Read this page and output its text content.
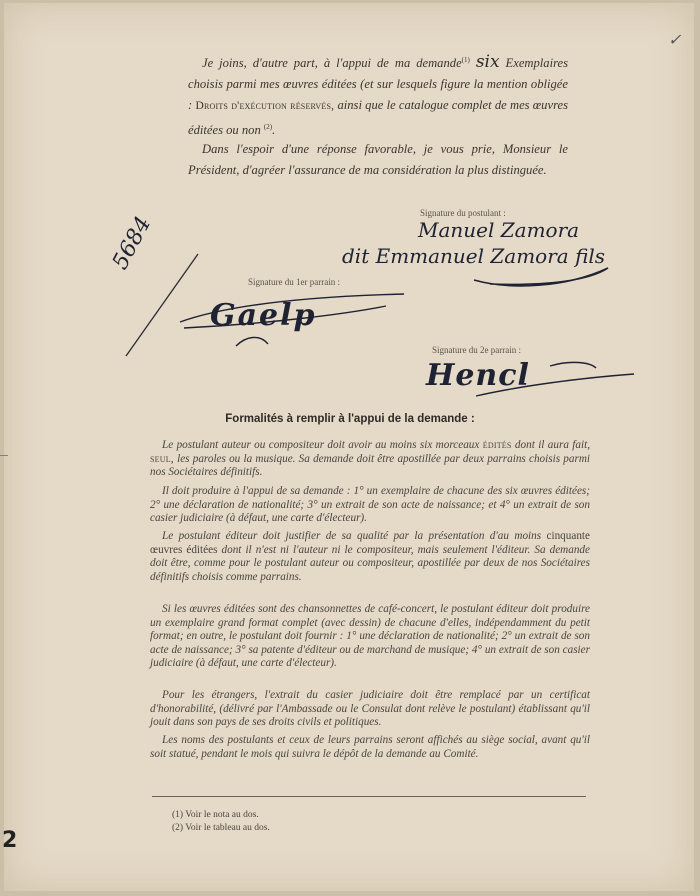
✓

Je joins, d'autre part, à l'appui de ma demande$^{(1)}$ six Exemplaires choisis parmi mes œuvres éditées (et sur lesquels figure la mention obligée : Droits d'exécution réservés, ainsi que le catalogue complet de mes œuvres éditées ou non $^{(2)}$.

Dans l'espoir d'une réponse favorable, je vous prie, Monsieur le Président, d'agréer l'assurance de ma considération la plus distinguée.

Signature du postulant :
Manuel Zamora
dit Emmanuel Zamora fils
5684
Signature du 1er parrain :
Gaelp
Signature du 2e parrain :
Hencl

Formalités à remplir à l'appui de la demande :

Le postulant auteur ou compositeur doit avoir au moins six morceaux édités dont il aura fait, seul, les paroles ou la musique. Sa demande doit être apostillée par deux parrains choisis parmi nos Sociétaires définitifs.

Il doit produire à l'appui de sa demande : 1° un exemplaire de chacune des six œuvres éditées; 2° une déclaration de nationalité; 3° un extrait de son acte de naissance; et 4° un extrait de son casier judiciaire (à défaut, une carte d'électeur).

Le postulant éditeur doit justifier de sa qualité par la présentation d'au moins cinquante œuvres éditées dont il n'est ni l'auteur ni le compositeur, mais seulement l'éditeur. Sa demande doit être, comme pour le postulant auteur ou compositeur, apostillée par deux de nos Sociétaires définitifs choisis comme parrains.

Si les œuvres éditées sont des chansonnettes de café-concert, le postulant éditeur doit produire un exemplaire grand format complet (avec dessin) de chacune d'elles, indépendamment du petit format; en outre, le postulant doit fournir : 1° une déclaration de nationalité; 2° un extrait de son acte de naissance; 3° sa patente d'éditeur ou de marchand de musique; 4° un extrait de son casier judiciaire (à défaut, une carte d'électeur).

Pour les étrangers, l'extrait du casier judiciaire doit être remplacé par un certificat d'honorabilité, (délivré par l'Ambassade ou le Consulat dont relève le postulant) établissant qu'il jouit dans son pays de ses droits civils et politiques.

Les noms des postulants et ceux de leurs parrains seront affichés au siège social, avant qu'il soit statué, pendant le mois qui suivra le dépôt de la demande au Comité.

(1) Voir le nota au dos.
(2) Voir le tableau au dos.
2
